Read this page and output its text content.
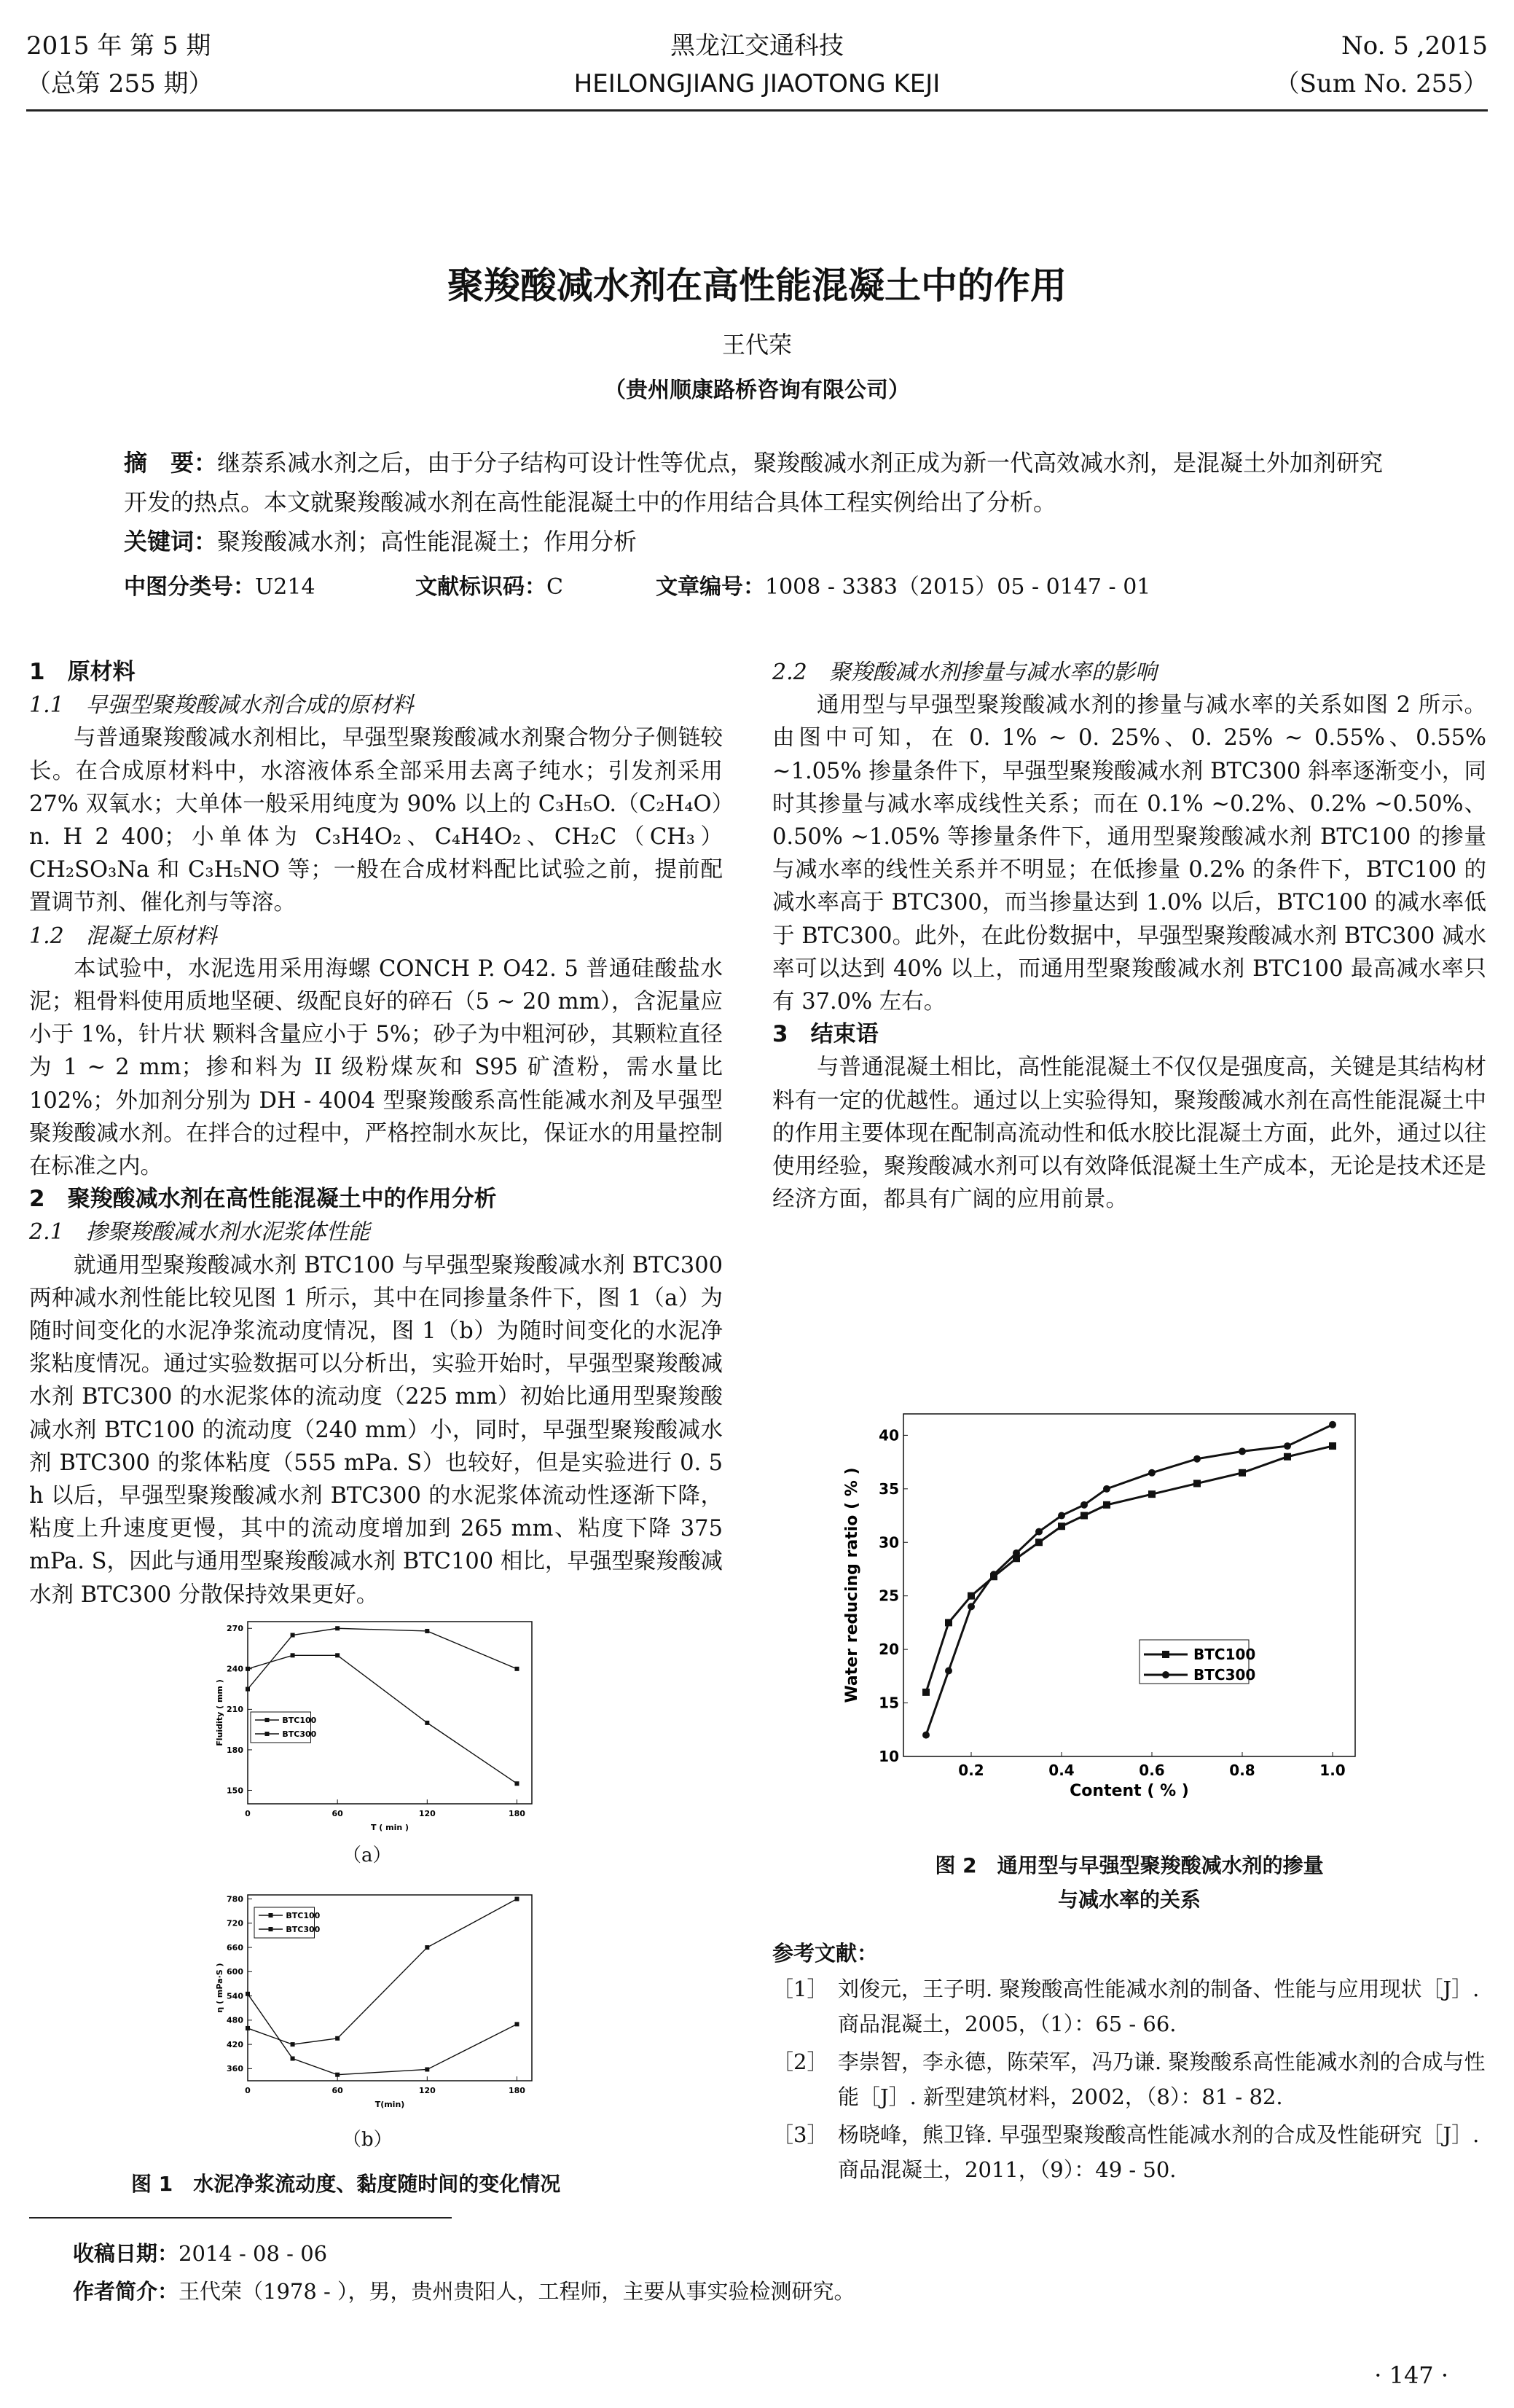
2015 年 第 5 期
（总第 255 期）
黑龙江交通科技
HEILONGJIANG JIAOTONG KEJI
No. 5 ,2015
（Sum No. 255）
聚羧酸减水剂在高性能混凝土中的作用
王代荣
（贵州顺康路桥咨询有限公司）
摘　要：继萘系减水剂之后，由于分子结构可设计性等优点，聚羧酸减水剂正成为新一代高效减水剂，是混凝土外加剂研究开发的热点。本文就聚羧酸减水剂在高性能混凝土中的作用结合具体工程实例给出了分析。
关键词：聚羧酸减水剂；高性能混凝土；作用分析
中图分类号：U214	文献标识码：C	文章编号：1008 - 3383（2015）05 - 0147 - 01
1　原材料
1.1　早强型聚羧酸减水剂合成的原材料

与普通聚羧酸减水剂相比，早强型聚羧酸减水剂聚合物分子侧链较长。在合成原材料中，水溶液体系全部采用去离子纯水；引发剂采用 27% 双氧水；大单体一般采用纯度为 90% 以上的 C₃H₅O.（C₂H₄O）n. H 2 400；小单体为 C₃H4O₂、C₄H4O₂、CH₂C（CH₃）CH₂SO₃Na 和 C₃H₅NO 等；一般在合成材料配比试验之前，提前配置调节剂、催化剂与等溶。

1.2　混凝土原材料

本试验中，水泥选用采用海螺 CONCH P. O42. 5 普通硅酸盐水泥；粗骨料使用质地坚硬、级配良好的碎石（5 ~ 20 mm），含泥量应小于 1%，针片状 颗料含量应小于 5%；砂子为中粗河砂，其颗粒直径为 1 ~ 2 mm；掺和料为 II 级粉煤灰和 S95 矿渣粉，需水量比 102%；外加剂分别为 DH - 4004 型聚羧酸系高性能减水剂及早强型聚羧酸减水剂。在拌合的过程中，严格控制水灰比，保证水的用量控制在标准之内。

2　聚羧酸减水剂在高性能混凝土中的作用分析
2.1　掺聚羧酸减水剂水泥浆体性能

就通用型聚羧酸减水剂 BTC100 与早强型聚羧酸减水剂 BTC300 两种减水剂性能比较见图 1 所示，其中在同掺量条件下，图 1（a）为随时间变化的水泥净浆流动度情况，图 1（b）为随时间变化的水泥净浆粘度情况。通过实验数据可以分析出，实验开始时，早强型聚羧酸减水剂 BTC300 的水泥浆体的流动度（225 mm）初始比通用型聚羧酸减水剂 BTC100 的流动度（240 mm）小，同时，早强型聚羧酸减水剂 BTC300 的浆体粘度（555 mPa. S）也较好，但是实验进行 0. 5 h 以后，早强型聚羧酸减水剂 BTC300 的水泥浆体流动性逐渐下降，粘度上升速度更慢，其中的流动度增加到 265 mm、粘度下降 375 mPa. S，因此与通用型聚羧酸减水剂 BTC100 相比，早强型聚羧酸减水剂 BTC300 分散保持效果更好。

2.2　聚羧酸减水剂掺量与减水率的影响

通用型与早强型聚羧酸减水剂的掺量与减水率的关系如图 2 所示。由图中可知，在 0. 1% ~ 0. 25%、0. 25% ~ 0.55%、0.55% ~1.05% 掺量条件下，早强型聚羧酸减水剂 BTC300 斜率逐渐变小，同时其掺量与减水率成线性关系；而在 0.1% ~0.2%、0.2% ~0.50%、0.50% ~1.05% 等掺量条件下，通用型聚羧酸减水剂 BTC100 的掺量与减水率的线性关系并不明显；在低掺量 0.2% 的条件下，BTC100 的减水率高于 BTC300，而当掺量达到 1.0% 以后，BTC100 的减水率低于 BTC300。此外，在此份数据中，早强型聚羧酸减水剂 BTC300 减水率可以达到 40% 以上，而通用型聚羧酸减水剂 BTC100 最高减水率只有 37.0% 左右。

3　结束语

与普通混凝土相比，高性能混凝土不仅仅是强度高，关键是其结构材料有一定的优越性。通过以上实验得知，聚羧酸减水剂在高性能混凝土中的作用主要体现在配制高流动性和低水胶比混凝土方面，此外，通过以往使用经验，聚羧酸减水剂可以有效降低混凝土生产成本，无论是技术还是经济方面，都具有广阔的应用前景。

0	60	120	180
150
180
210
240
270
T ( min )
Fluidity ( mm )	BTC100
BTC300
（a）
0	60	120	180
360
420
480
540
600
660
720
780
T(min)
η ( mPa·S )
BTC100
BTC300
（b）
图 1　水泥净浆流动度、黏度随时间的变化情况
0.2	0.4	0.6	0.8	1.0
10
15
20
25
30
35
40
Content ( % )
Water reducing ratio ( % )	BTC100
BTC300
图 2　通用型与早强型聚羧酸减水剂的掺量
与减水率的关系
参考文献：
［1］ 刘俊元，王子明. 聚羧酸高性能减水剂的制备、性能与应用现状［J］. 商品混凝土，2005，（1）：65 - 66.
［2］ 李崇智，李永德，陈荣军，冯乃谦. 聚羧酸系高性能减水剂的合成与性能［J］. 新型建筑材料，2002，（8）：81 - 82.
［3］ 杨晓峰，熊卫锋. 早强型聚羧酸高性能减水剂的合成及性能研究［J］. 商品混凝土，2011，（9）：49 - 50.
收稿日期：2014 - 08 - 06
作者简介：王代荣（1978 - ），男，贵州贵阳人，工程师，主要从事实验检测研究。
· 147 ·
